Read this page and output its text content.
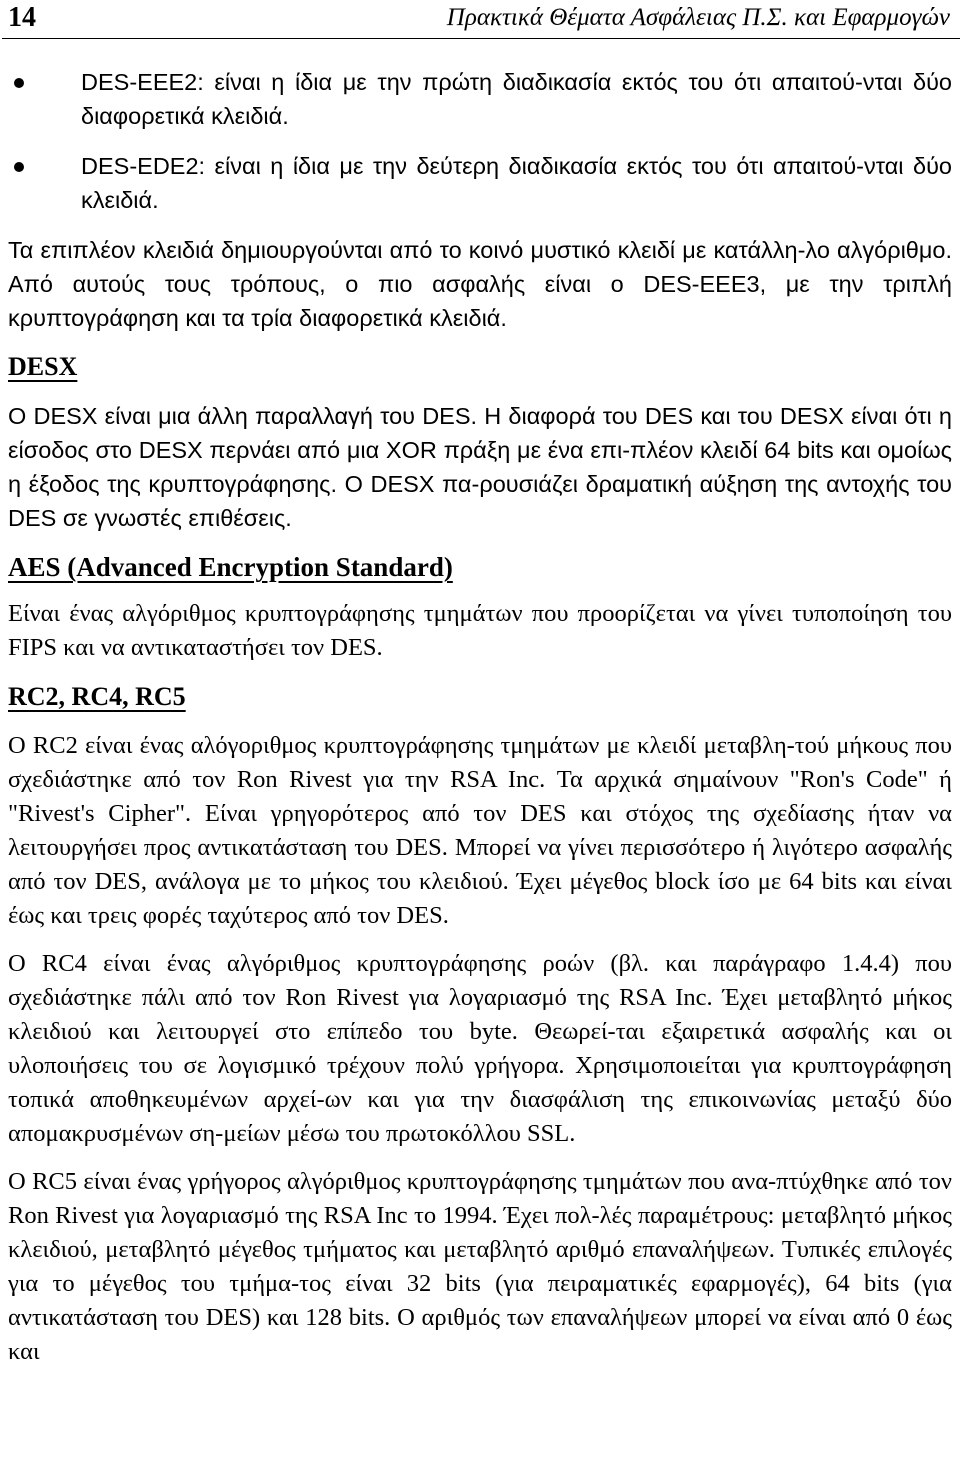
14	Πρακτικά Θέματα Ασφάλειας Π.Σ. και Εφαρμογών
DES-EEE2: είναι η ίδια με την πρώτη διαδικασία εκτός του ότι απαιτού-νται δύο διαφορετικά κλειδιά.
DES-EDE2: είναι η ίδια με την δεύτερη διαδικασία εκτός του ότι απαιτού-νται δύο κλειδιά.

Τα επιπλέον κλειδιά δημιουργούνται από το κοινό μυστικό κλειδί με κατάλλη-λο αλγόριθμο. Από αυτούς τους τρόπους, ο πιο ασφαλής είναι ο DES-EEE3, με την τριπλή κρυπτογράφηση και τα τρία διαφορετικά κλειδιά.

DESX

Ο DESX είναι μια άλλη παραλλαγή του DES. Η διαφορά του DES και του DESX είναι ότι η είσοδος στο DESX περνάει από μια XOR πράξη με ένα επι-πλέον κλειδί 64 bits και ομοίως η έξοδος της κρυπτογράφησης. Ο DESX πα-ρουσιάζει δραματική αύξηση της αντοχής του DES σε γνωστές επιθέσεις.

AES (Advanced Encryption Standard)

Είναι ένας αλγόριθμος κρυπτογράφησης τμημάτων που προορίζεται να γίνει τυποποίηση του FIPS και να αντικαταστήσει τον DES.

RC2, RC4, RC5

Ο RC2 είναι ένας αλόγοριθμος κρυπτογράφησης τμημάτων με κλειδί μεταβλη-τού μήκους που σχεδιάστηκε από τον Ron Rivest για την RSA Inc. Τα αρχικά σημαίνουν "Ron's Code" ή "Rivest's Cipher". Είναι γρηγορότερος από τον DES και στόχος της σχεδίασης ήταν να λειτουργήσει προς αντικατάσταση του DES. Μπορεί να γίνει περισσότερο ή λιγότερο ασφαλής από τον DES, ανάλογα με το μήκος του κλειδιού. Έχει μέγεθος block ίσο με 64 bits και είναι έως και τρεις φορές ταχύτερος από τον DES.

Ο RC4 είναι ένας αλγόριθμος κρυπτογράφησης ροών (βλ. και παράγραφο 1.4.4) που σχεδιάστηκε πάλι από τον Ron Rivest για λογαριασμό της RSA Inc. Έχει μεταβλητό μήκος κλειδιού και λειτουργεί στο επίπεδο του byte. Θεωρεί-ται εξαιρετικά ασφαλής και οι υλοποιήσεις του σε λογισμικό τρέχουν πολύ γρήγορα. Χρησιμοποιείται για κρυπτογράφηση τοπικά αποθηκευμένων αρχεί-ων και για την διασφάλιση της επικοινωνίας μεταξύ δύο απομακρυσμένων ση-μείων μέσω του πρωτοκόλλου SSL.

Ο RC5 είναι ένας γρήγορος αλγόριθμος κρυπτογράφησης τμημάτων που ανα-πτύχθηκε από τον Ron Rivest για λογαριασμό της RSA Inc το 1994. Έχει πολ-λές παραμέτρους: μεταβλητό μήκος κλειδιού, μεταβλητό μέγεθος τμήματος και μεταβλητό αριθμό επαναλήψεων. Τυπικές επιλογές για το μέγεθος του τμήμα-τος είναι 32 bits (για πειραματικές εφαρμογές), 64 bits (για αντικατάσταση του DES) και 128 bits. Ο αριθμός των επαναλήψεων μπορεί να είναι από 0 έως και
